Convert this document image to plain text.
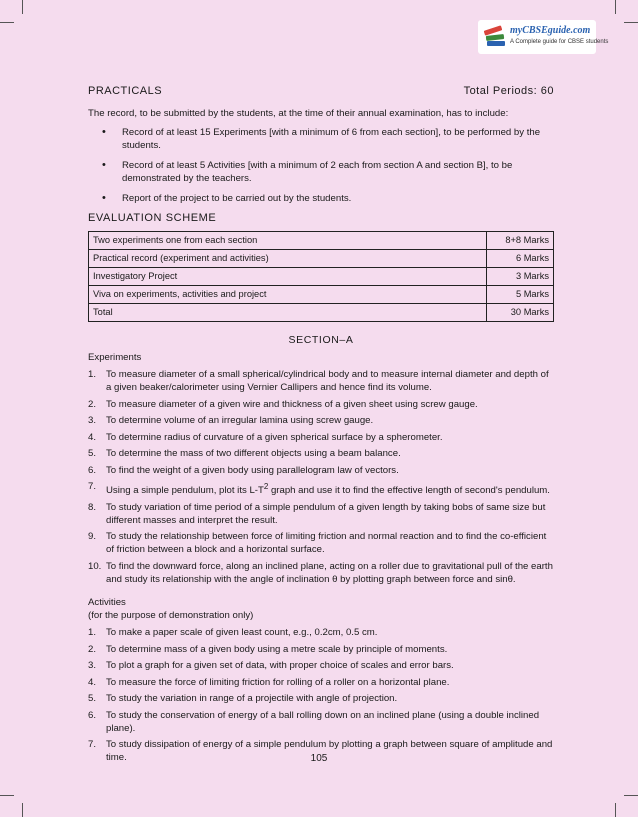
myCBSEguide.com
A Complete guide for CBSE students
PRACTICALS	Total Periods: 60

The record, to be submitted by the students, at the time of their annual examination, has to include:

• Record of at least 15 Experiments [with a minimum of 6 from each section], to be performed by the students.
• Record of at least 5 Activities [with a minimum of 2 each from section A and section B], to be demonstrated by the teachers.
• Report of the project to be carried out by the students.
EVALUATION SCHEME
Two experiments one from each section	8+8 Marks
Practical record (experiment and activities)	6 Marks
Investigatory Project	3 Marks
Viva on experiments, activities and project	5 Marks
Total	30 Marks
SECTION–A

Experiments

1. To measure diameter of a small spherical/cylindrical body and to measure internal diameter and depth of a given beaker/calorimeter using Vernier Callipers and hence find its volume.
2. To measure diameter of a given wire and thickness of a given sheet using screw gauge.
3. To determine volume of an irregular lamina using screw gauge.
4. To determine radius of curvature of a given spherical surface by a spherometer.
5. To determine the mass of two different objects using a beam balance.
6. To find the weight of a given body using parallelogram law of vectors.
7. Using a simple pendulum, plot its $L-T^2$ graph and use it to find the effective length of second's pendulum.
8. To study variation of time period of a simple pendulum of a given length by taking bobs of same size but different masses and interpret the result.
9. To study the relationship between force of limiting friction and normal reaction and to find the co-efficient of friction between a block and a horizontal surface.
10. To find the downward force, along an inclined plane, acting on a roller due to gravitational pull of the earth and study its relationship with the angle of inclination θ by plotting graph between force and sinθ.

Activities

(for the purpose of demonstration only)

1. To make a paper scale of given least count, e.g., 0.2cm, 0.5 cm.
2. To determine mass of a given body using a metre scale by principle of moments.
3. To plot a graph for a given set of data, with proper choice of scales and error bars.
4. To measure the force of limiting friction for rolling of a roller on a horizontal plane.
5. To study the variation in range of a projectile with angle of projection.
6. To study the conservation of energy of a ball rolling down on an inclined plane (using a double inclined plane).
7. To study dissipation of energy of a simple pendulum by plotting a graph between square of amplitude and time.	105
